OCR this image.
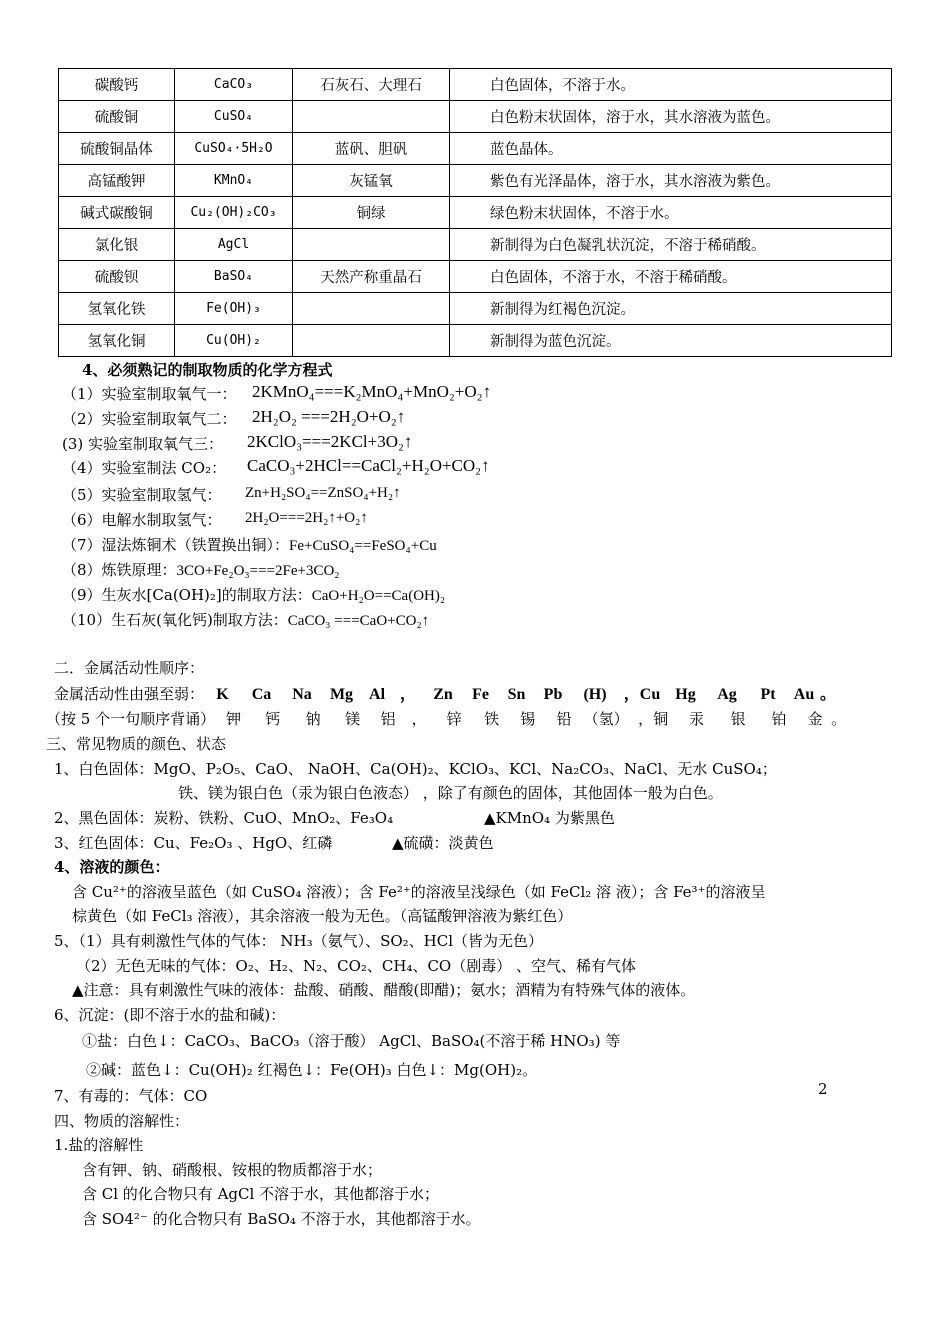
碳酸钙	CaCO₃	石灰石、大理石	白色固体，不溶于水。
硫酸铜	CuSO₄		白色粉末状固体，溶于水，其水溶液为蓝色。
硫酸铜晶体	CuSO₄·5H₂O	蓝矾、胆矾	蓝色晶体。
高锰酸钾	KMnO₄	灰锰氧	紫色有光泽晶体，溶于水，其水溶液为紫色。
碱式碳酸铜	Cu₂(OH)₂CO₃	铜绿	绿色粉末状固体，不溶于水。
氯化银	AgCl		新制得为白色凝乳状沉淀，不溶于稀硝酸。
硫酸钡	BaSO₄	天然产称重晶石	白色固体，不溶于水，不溶于稀硝酸。
氢氧化铁	Fe(OH)₃		新制得为红褐色沉淀。
氢氧化铜	Cu(OH)₂		新制得为蓝色沉淀。
4、必须熟记的制取物质的化学方程式
（1）实验室制取氧气一： 2KMnO₄===K₂MnO₄+MnO₂+O₂↑
（2）实验室制取氧气二： 2H₂O₂ ===2H₂O+O₂↑
(3) 实验室制取氧气三： 2KClO₃===2KCl+3O₂↑
（4）实验室制法 CO₂： CaCO₃+2HCl==CaCl₂+H₂O+CO₂↑
（5）实验室制取氢气： Zn+H₂SO₄==ZnSO₄+H₂↑
（6）电解水制取氢气： 2H₂O===2H₂↑+O₂↑
（7）湿法炼铜术（铁置换出铜）：Fe+CuSO₄==FeSO₄+Cu
（8）炼铁原理：3CO+Fe₂O₃===2Fe+3CO₂
（9）生灰水[Ca(OH)₂]的制取方法：CaO+H₂O==Ca(OH)₂
（10）生石灰(氧化钙)制取方法：CaCO₃ ===CaO+CO₂↑
二．金属活动性顺序：
金属活动性由强至弱： K Ca Na Mg Al ， Zn Fe Sn Pb (H) ，Cu Hg Ag Pt Au 。
（按 5 个一句顺序背诵） 钾 钙 钠 镁 铝 ， 锌 铁 锡 铅 （氢） ，铜 汞 银 铂 金 。
三、常见物质的颜色、状态
1、白色固体：MgO、P₂O₅、CaO、 NaOH、Ca(OH)₂、KClO₃、KCl、Na₂CO₃、NaCl、无水 CuSO₄；
铁、镁为银白色（汞为银白色液态） ，除了有颜色的固体，其他固体一般为白色。
2、黑色固体：炭粉、铁粉、CuO、MnO₂、Fe₃O₄	▲KMnO₄ 为紫黑色
3、红色固体：Cu、Fe₂O₃ 、HgO、红磷	▲硫磺：淡黄色
4、溶液的颜色：
含 Cu²⁺的溶液呈蓝色（如 CuSO₄ 溶液）；含 Fe²⁺的溶液呈浅绿色（如 FeCl₂ 溶 液）；含 Fe³⁺的溶液呈
棕黄色（如 FeCl₃ 溶液），其余溶液一般为无色。（高锰酸钾溶液为紫红色）
5、（1）具有刺激性气体的气体： NH₃（氨气）、SO₂、HCl（皆为无色）
（2）无色无味的气体：O₂、H₂、N₂、CO₂、CH₄、CO（剧毒） 、空气、稀有气体
▲注意：具有刺激性气味的液体：盐酸、硝酸、醋酸(即醋)；氨水；酒精为有特殊气体的液体。
6、沉淀：(即不溶于水的盐和碱)：
①盐：白色↓：CaCO₃、BaCO₃（溶于酸） AgCl、BaSO₄(不溶于稀 HNO₃) 等
②碱：蓝色↓：Cu(OH)₂ 红褐色↓：Fe(OH)₃ 白色↓：Mg(OH)₂。
7、有毒的：气体：CO	2
四、物质的溶解性：
1.盐的溶解性
含有钾、钠、硝酸根、铵根的物质都溶于水；
含 Cl 的化合物只有 AgCl 不溶于水，其他都溶于水；
含 SO4²⁻ 的化合物只有 BaSO₄ 不溶于水，其他都溶于水。
